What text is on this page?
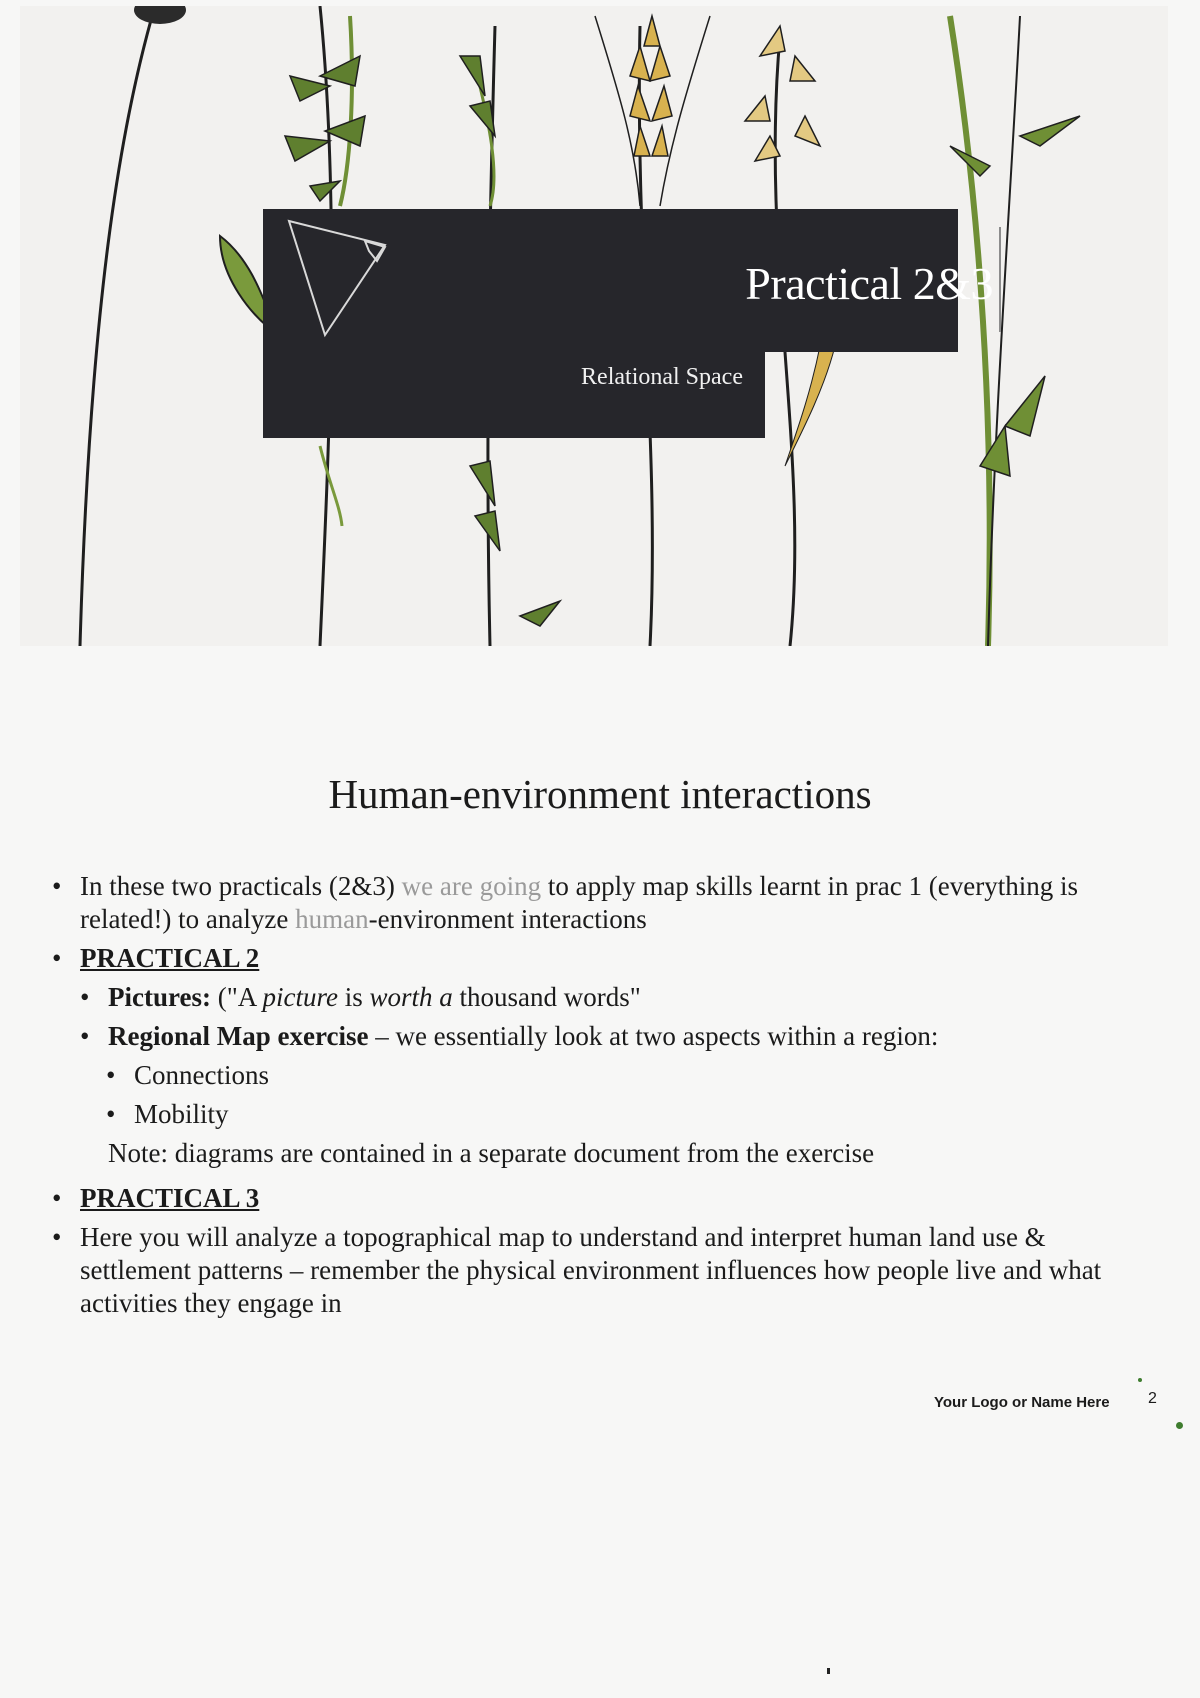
Practical 2&3
Relational Space
Human-environment interactions
• In these two practicals (2&3) we are going to apply map skills learnt in prac 1 (everything is related!) to analyze human-environment interactions
• PRACTICAL 2
• Pictures: ("A picture is worth a thousand words"
• Regional Map exercise – we essentially look at two aspects within a region:
• Connections
• Mobility
Note: diagrams are contained in a separate document from the exercise
• PRACTICAL 3
• Here you will analyze a topographical map to understand and interpret human land use & settlement patterns – remember the physical environment influences how people live and what activities they engage in
Your Logo or Name Here 2
